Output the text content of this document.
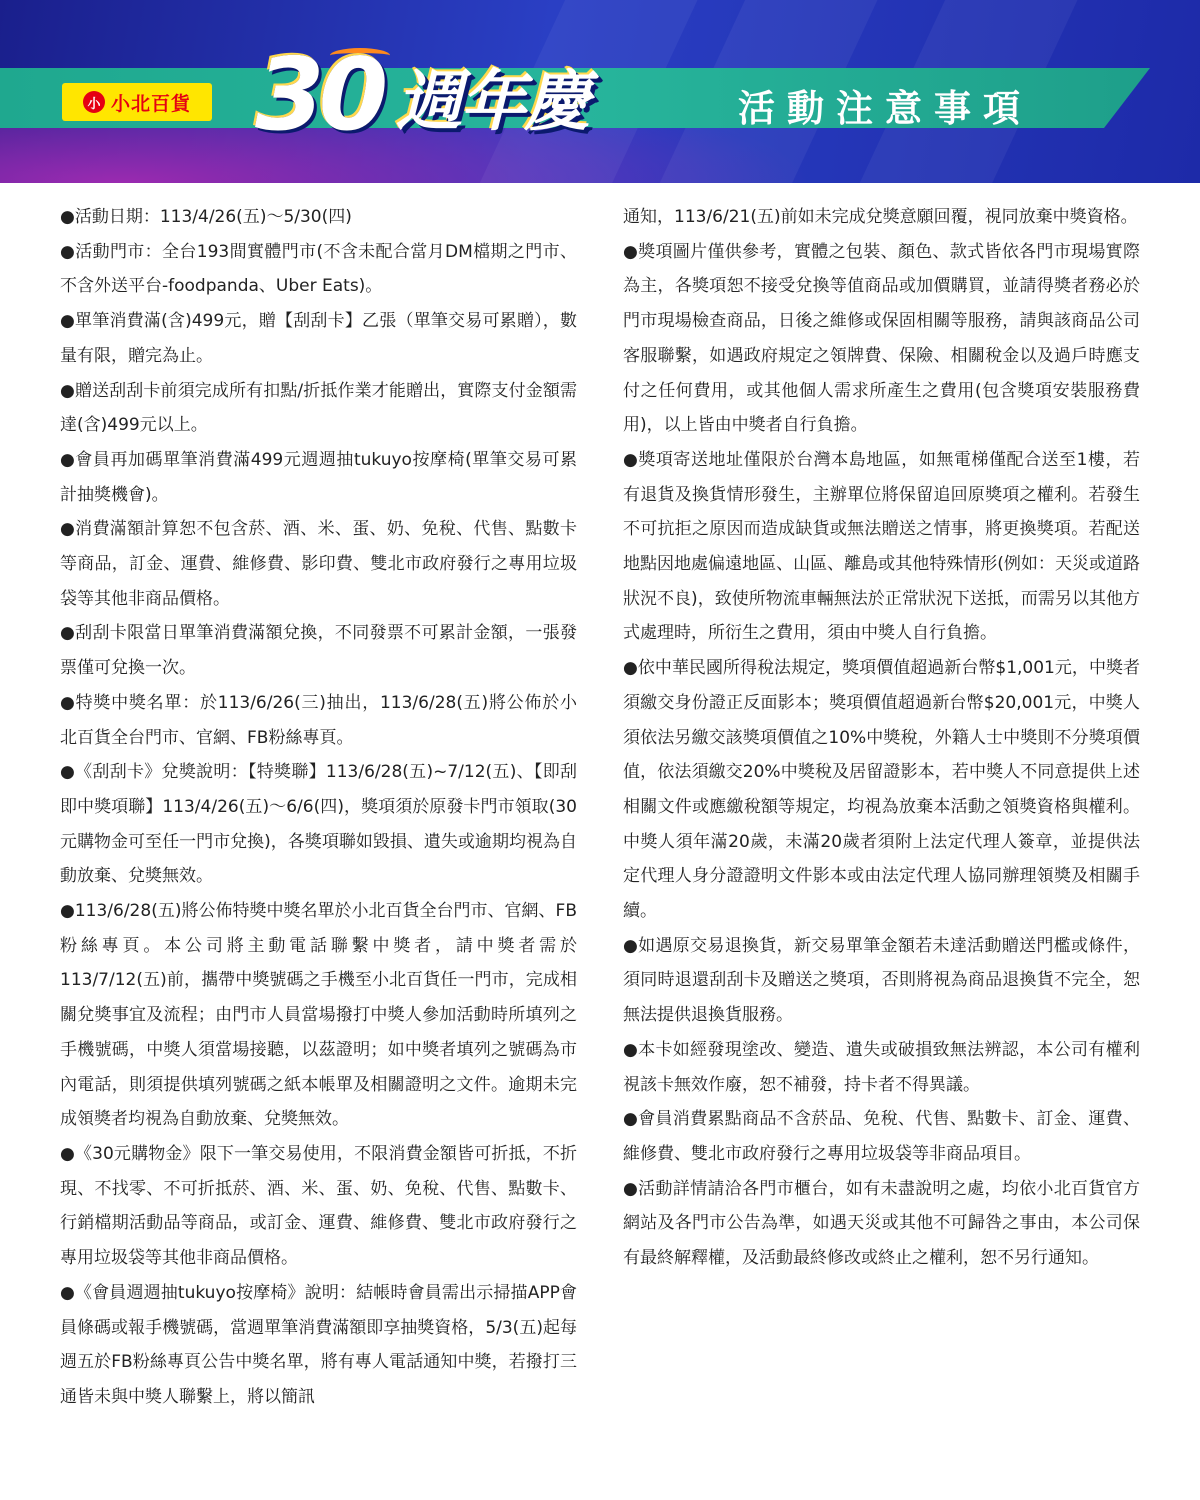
小 小北百貨 30 週年慶	活動注意事項

●活動日期：113/4/26(五)～5/30(四)

●活動門市：全台193間實體門市(不含未配合當月DM檔期之門市、不含外送平台-foodpanda、Uber Eats)。

●單筆消費滿(含)499元，贈【刮刮卡】乙張（單筆交易可累贈），數量有限，贈完為止。

●贈送刮刮卡前須完成所有扣點/折抵作業才能贈出，實際支付金額需達(含)499元以上。

●會員再加碼單筆消費滿499元週週抽tukuyo按摩椅(單筆交易可累計抽獎機會)。

●消費滿額計算恕不包含菸、酒、米、蛋、奶、免稅、代售、點數卡等商品，訂金、運費、維修費、影印費、雙北市政府發行之專用垃圾袋等其他非商品價格。

●刮刮卡限當日單筆消費滿額兌換，不同發票不可累計金額，一張發票僅可兌換一次。

●特獎中獎名單：於113/6/26(三)抽出，113/6/28(五)將公佈於小北百貨全台門市、官網、FB粉絲專頁。

●《刮刮卡》兌獎說明：【特獎聯】113/6/28(五)~7/12(五)、【即刮即中獎項聯】113/4/26(五)～6/6(四)，獎項須於原發卡門市領取(30元購物金可至任一門市兌換)，各獎項聯如毀損、遺失或逾期均視為自動放棄、兌獎無效。

●113/6/28(五)將公佈特獎中獎名單於小北百貨全台門市、官網、FB粉絲專頁。本公司將主動電話聯繫中獎者，請中獎者需於113/7/12(五)前，攜帶中獎號碼之手機至小北百貨任一門市，完成相關兌獎事宜及流程；由門市人員當場撥打中獎人參加活動時所填列之手機號碼，中獎人須當場接聽，以茲證明；如中獎者填列之號碼為市內電話，則須提供填列號碼之紙本帳單及相關證明之文件。逾期未完成領獎者均視為自動放棄、兌獎無效。

●《30元購物金》限下一筆交易使用，不限消費金額皆可折抵，不折現、不找零、不可折抵菸、酒、米、蛋、奶、免稅、代售、點數卡、行銷檔期活動品等商品，或訂金、運費、維修費、雙北市政府發行之專用垃圾袋等其他非商品價格。

●《會員週週抽tukuyo按摩椅》說明：結帳時會員需出示掃描APP會員條碼或報手機號碼，當週單筆消費滿額即享抽獎資格，5/3(五)起每週五於FB粉絲專頁公告中獎名單，將有專人電話通知中獎，若撥打三通皆未與中獎人聯繫上，將以簡訊

通知，113/6/21(五)前如未完成兌獎意願回覆，視同放棄中獎資格。

●獎項圖片僅供參考，實體之包裝、顏色、款式皆依各門市現場實際為主，各獎項恕不接受兌換等值商品或加價購買，並請得獎者務必於門市現場檢查商品，日後之維修或保固相關等服務，請與該商品公司客服聯繫，如遇政府規定之領牌費、保險、相關稅金以及過戶時應支付之任何費用，或其他個人需求所產生之費用(包含獎項安裝服務費用)，以上皆由中獎者自行負擔。

●獎項寄送地址僅限於台灣本島地區，如無電梯僅配合送至1樓，若有退貨及換貨情形發生，主辦單位將保留追回原獎項之權利。若發生不可抗拒之原因而造成缺貨或無法贈送之情事，將更換獎項。若配送地點因地處偏遠地區、山區、離島或其他特殊情形(例如：天災或道路狀況不良)，致使所物流車輛無法於正常狀況下送抵，而需另以其他方式處理時，所衍生之費用，須由中獎人自行負擔。

●依中華民國所得稅法規定，獎項價值超過新台幣$1,001元，中獎者須繳交身份證正反面影本；獎項價值超過新台幣$20,001元，中獎人須依法另繳交該獎項價值之10%中獎稅，外籍人士中獎則不分獎項價值，依法須繳交20%中獎稅及居留證影本，若中獎人不同意提供上述相關文件或應繳稅額等規定，均視為放棄本活動之領獎資格與權利。中獎人須年滿20歲，未滿20歲者須附上法定代理人簽章，並提供法定代理人身分證證明文件影本或由法定代理人協同辦理領獎及相關手續。

●如遇原交易退換貨，新交易單筆金額若未達活動贈送門檻或條件，須同時退還刮刮卡及贈送之獎項，否則將視為商品退換貨不完全，恕無法提供退換貨服務。

●本卡如經發現塗改、變造、遺失或破損致無法辨認，本公司有權利視該卡無效作廢，恕不補發，持卡者不得異議。

●會員消費累點商品不含菸品、免稅、代售、點數卡、訂金、運費、維修費、雙北市政府發行之專用垃圾袋等非商品項目。

●活動詳情請洽各門市櫃台，如有未盡說明之處，均依小北百貨官方網站及各門市公告為準，如遇天災或其他不可歸咎之事由，本公司保有最終解釋權，及活動最終修改或終止之權利，恕不另行通知。
